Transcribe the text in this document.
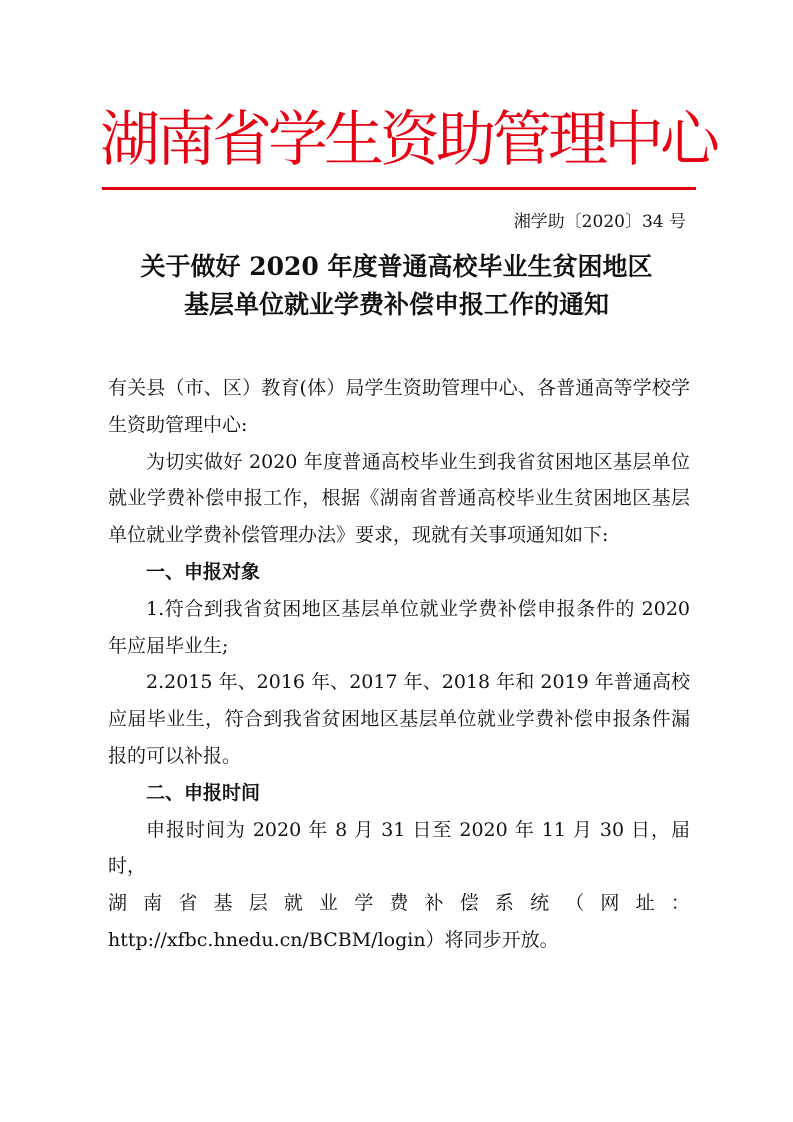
湖南省学生资助管理中心
湘学助〔2020〕34 号
关于做好 2020 年度普通高校毕业生贫困地区
基层单位就业学费补偿申报工作的通知

有关县（市、区）教育(体）局学生资助管理中心、各普通高等学校学生资助管理中心:

为切实做好 2020 年度普通高校毕业生到我省贫困地区基层单位就业学费补偿申报工作，根据《湖南省普通高校毕业生贫困地区基层单位就业学费补偿管理办法》要求，现就有关事项通知如下:

一、申报对象

1.符合到我省贫困地区基层单位就业学费补偿申报条件的 2020 年应届毕业生;

2.2015 年、2016 年、2017 年、2018 年和 2019 年普通高校应届毕业生，符合到我省贫困地区基层单位就业学费补偿申报条件漏报的可以补报。

二、申报时间

申报时间为 2020 年 8 月 31 日至 2020 年 11 月 30 日，届时，

湖 南 省 基 层 就 业 学 费 补 偿 系 统 （ 网 址 ：

http://xfbc.hnedu.cn/BCBM/login）将同步开放。
